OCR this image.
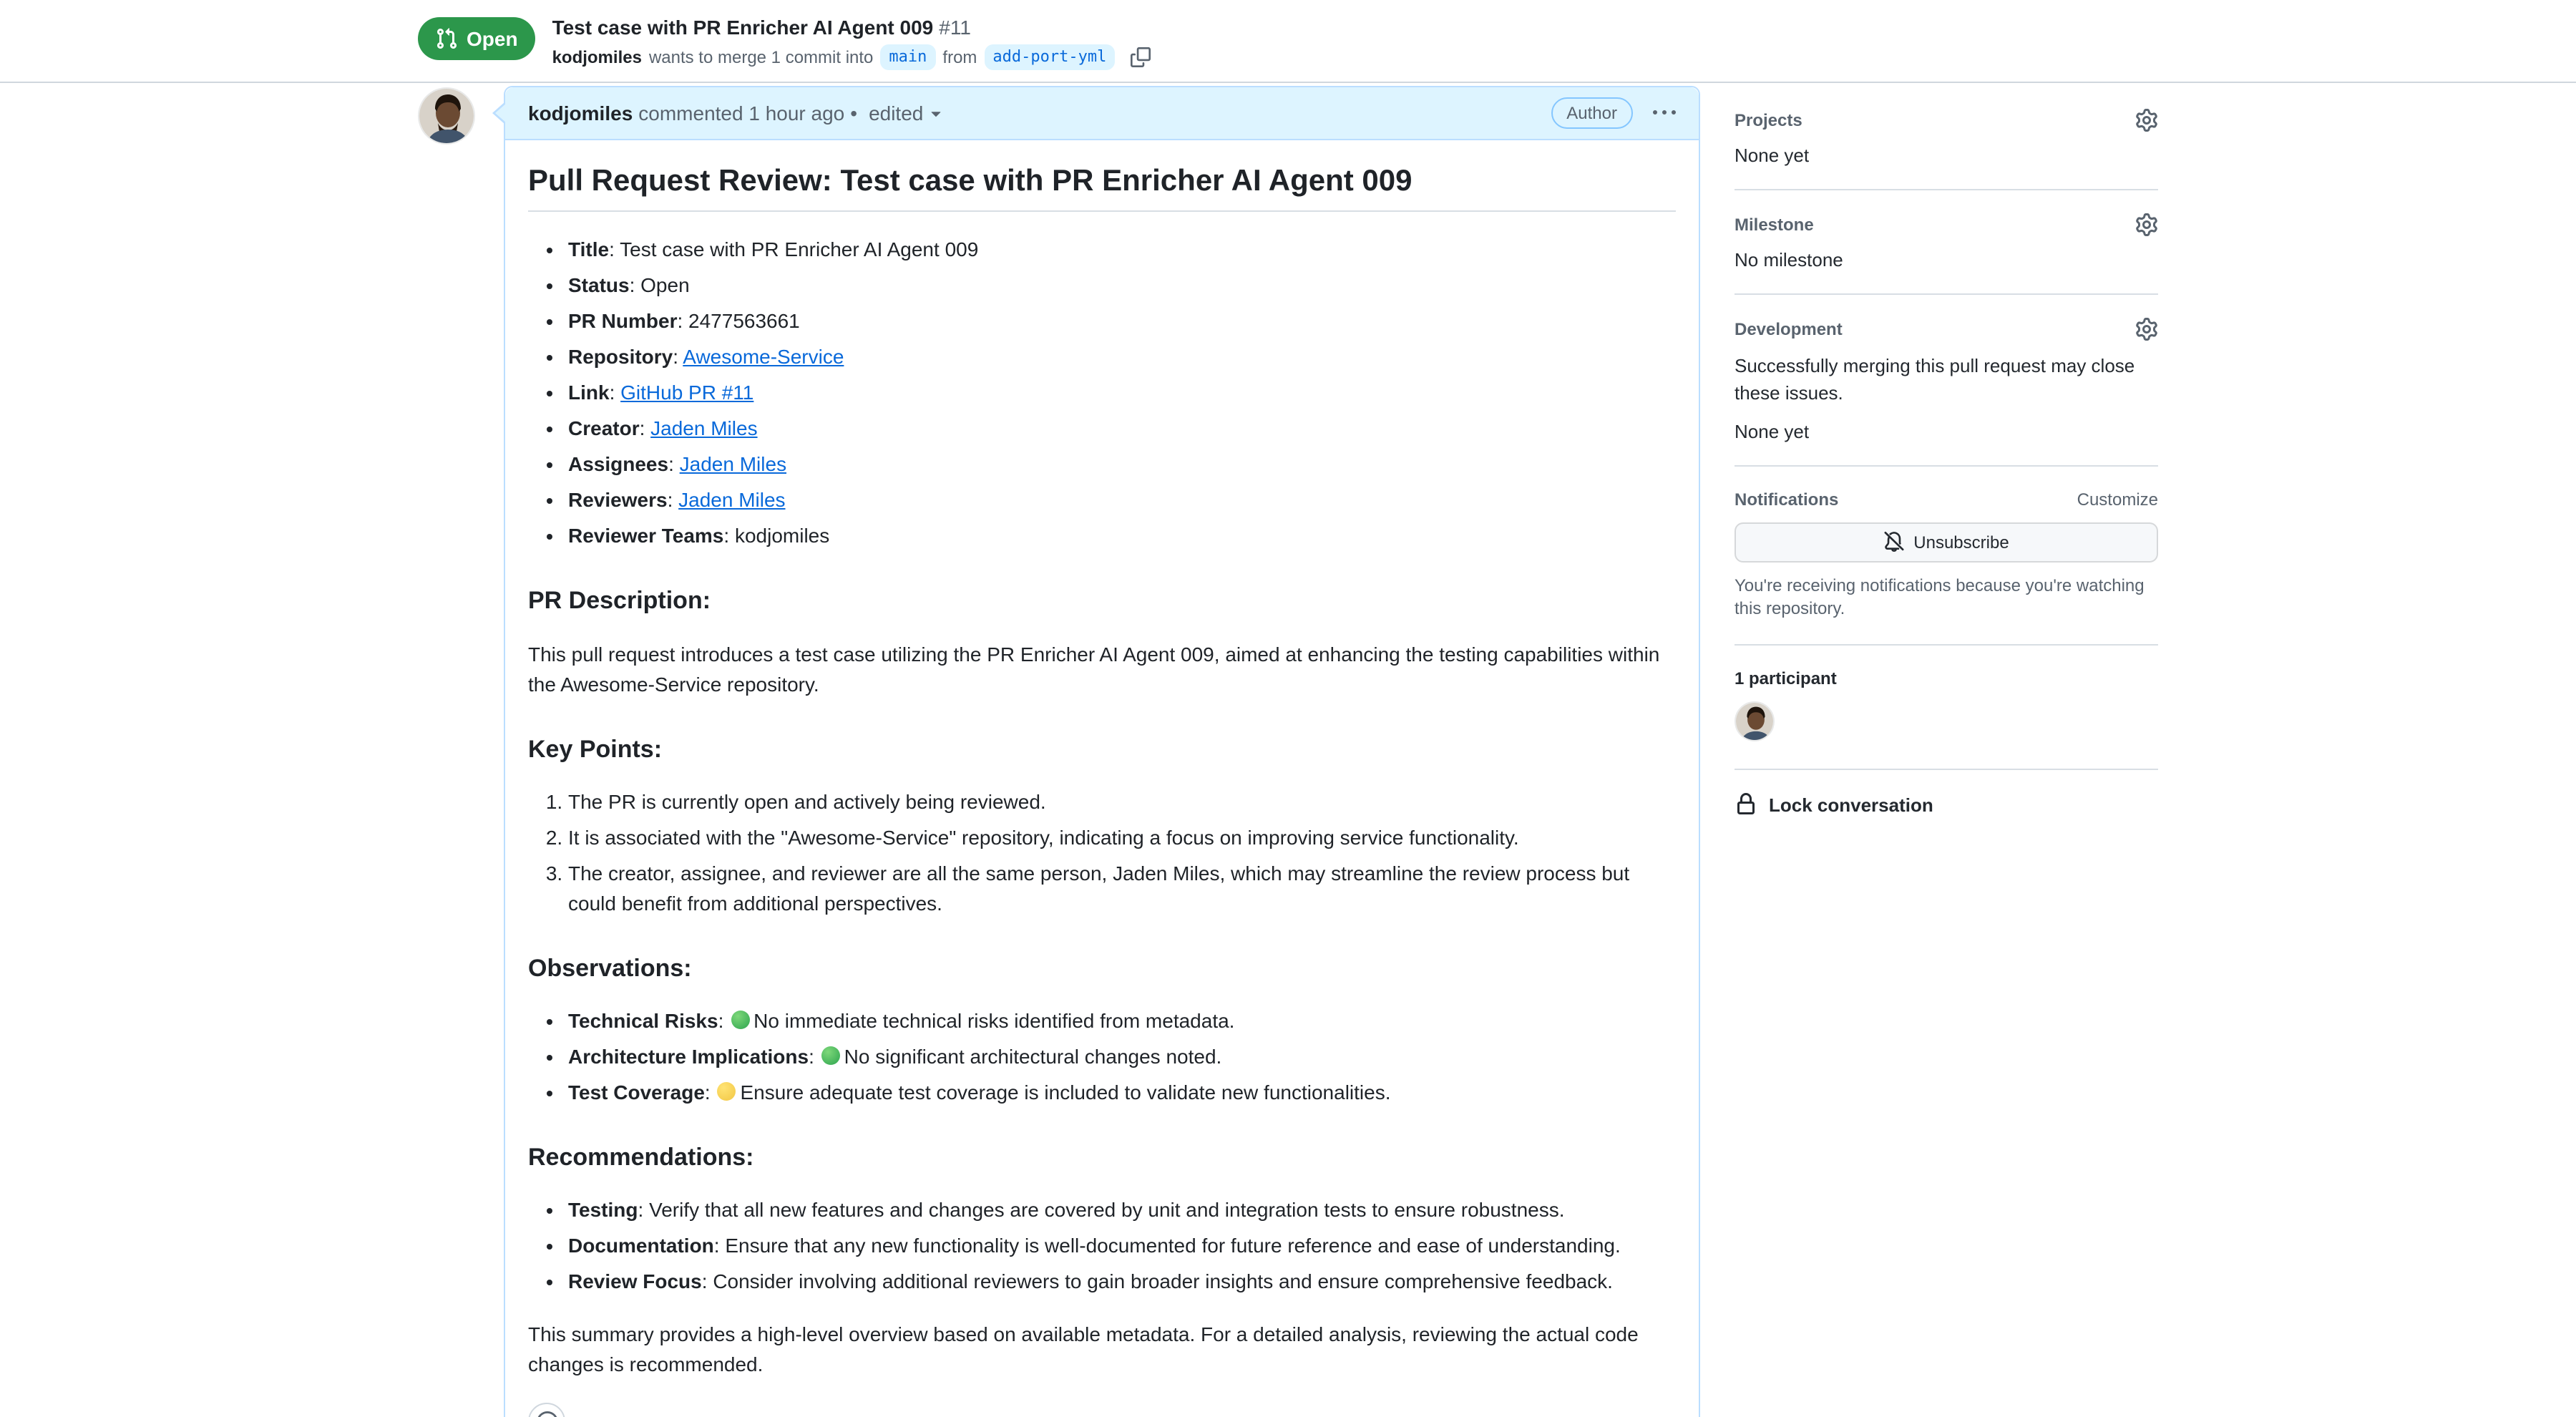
Open	Test case with PR Enricher AI Agent 009 #11
kodjomiles wants to merge 1 commit into	main	from	add-port-yml
kodjomiles commented 1 hour ago • edited	Author
Pull Request Review: Test case with PR Enricher AI Agent 009
• Title: Test case with PR Enricher AI Agent 009
• Status: Open
• PR Number: 2477563661
• Repository: Awesome-Service
• Link: GitHub PR #11
• Creator: Jaden Miles
• Assignees: Jaden Miles
• Reviewers: Jaden Miles
• Reviewer Teams: kodjomiles
PR Description:

This pull request introduces a test case utilizing the PR Enricher AI Agent 009, aimed at enhancing the testing capabilities within the Awesome-Service repository.

Key Points:
1. The PR is currently open and actively being reviewed.
2. It is associated with the "Awesome-Service" repository, indicating a focus on improving service functionality.
3. The creator, assignee, and reviewer are all the same person, Jaden Miles, which may streamline the review process but could benefit from additional perspectives.
Observations:
• Technical Risks: No immediate technical risks identified from metadata.
• Architecture Implications: No significant architectural changes noted.
• Test Coverage: Ensure adequate test coverage is included to validate new functionalities.
Recommendations:
• Testing: Verify that all new features and changes are covered by unit and integration tests to ensure robustness.
• Documentation: Ensure that any new functionality is well-documented for future reference and ease of understanding.
• Review Focus: Consider involving additional reviewers to gain broader insights and ensure comprehensive feedback.

This summary provides a high-level overview based on available metadata. For a detailed analysis, reviewing the actual code changes is recommended.

Projects
None yet
Milestone
No milestone
Development
Successfully merging this pull request may close these issues.
None yet
Notifications	Customize
Unsubscribe
You're receiving notifications because you're watching this repository.
1 participant
Lock conversation
